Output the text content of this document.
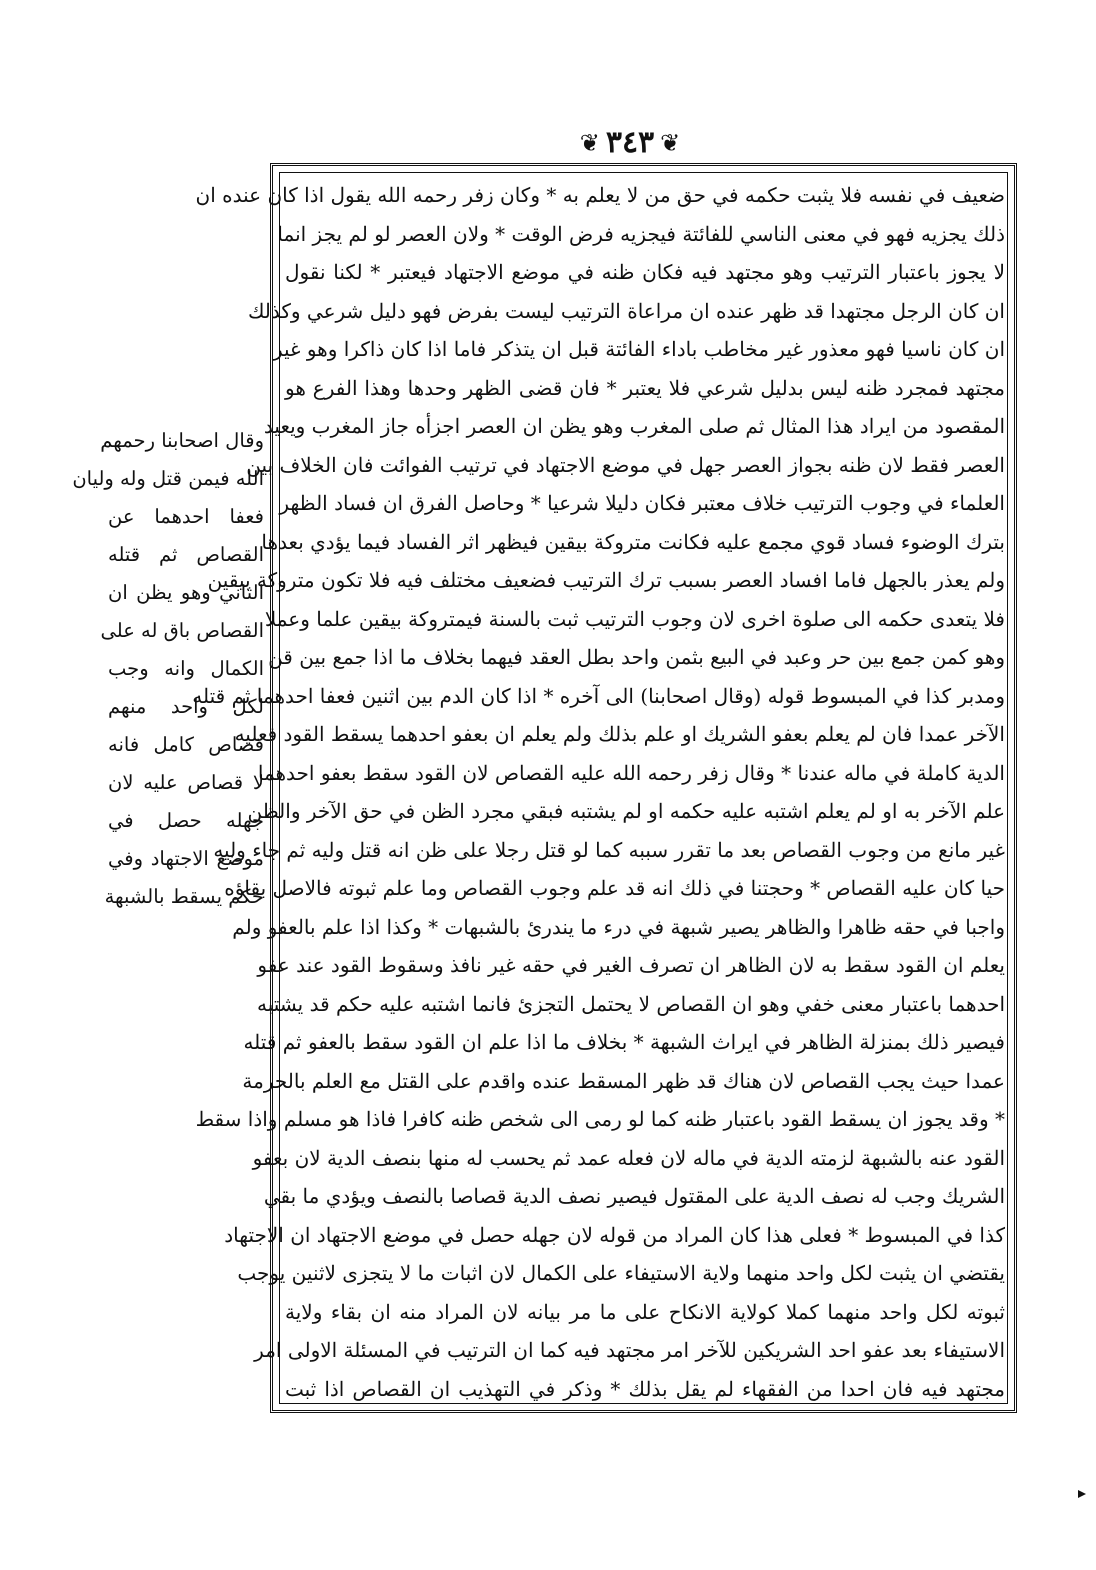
❦
٣٤٣
❦
ضعيف في نفسه فلا يثبت حكمه في حق من لا يعلم به * وكان زفر رحمه الله يقول اذا كان عنده ان
ذلك يجزيه فهو في معنى الناسي للفائتة فيجزيه فرض الوقت * ولان العصر لو لم يجز انما
لا يجوز باعتبار الترتيب وهو مجتهد فيه فكان ظنه في موضع الاجتهاد فيعتبر * لكنا نقول
ان كان الرجل مجتهدا قد ظهر عنده ان مراعاة الترتيب ليست بفرض فهو دليل شرعي وكذلك
ان كان ناسيا فهو معذور غير مخاطب باداء الفائتة قبل ان يتذكر فاما اذا كان ذاكرا وهو غير
مجتهد فمجرد ظنه ليس بدليل شرعي فلا يعتبر * فان قضى الظهر وحدها وهذا الفرع هو
المقصود من ايراد هذا المثال ثم صلى المغرب وهو يظن ان العصر اجزأه جاز المغرب ويعيد
العصر فقط لان ظنه بجواز العصر جهل في موضع الاجتهاد في ترتيب الفوائت فان الخلاف بين
العلماء في وجوب الترتيب خلاف معتبر فكان دليلا شرعيا * وحاصل الفرق ان فساد الظهر
بترك الوضوء فساد قوي مجمع عليه فكانت متروكة بيقين فيظهر اثر الفساد فيما يؤدي بعدها
ولم يعذر بالجهل فاما افساد العصر بسبب ترك الترتيب فضعيف مختلف فيه فلا تكون متروكة بيقين
فلا يتعدى حكمه الى صلوة اخرى لان وجوب الترتيب ثبت بالسنة فيمتروكة بيقين علما وعملا
وهو كمن جمع بين حر وعبد في البيع بثمن واحد بطل العقد فيهما بخلاف ما اذا جمع بين قن
ومدبر كذا في المبسوط قوله (وقال اصحابنا) الى آخره * اذا كان الدم بين اثنين فعفا احدهما ثم قتله
الآخر عمدا فان لم يعلم بعفو الشريك او علم بذلك ولم يعلم ان بعفو احدهما يسقط القود فعليه
الدية كاملة في ماله عندنا * وقال زفر رحمه الله عليه القصاص لان القود سقط بعفو احدهما
علم الآخر به او لم يعلم اشتبه عليه حكمه او لم يشتبه فبقي مجرد الظن في حق الآخر والظن
غير مانع من وجوب القصاص بعد ما تقرر سببه كما لو قتل رجلا على ظن انه قتل وليه ثم جاء وليه
حيا كان عليه القصاص * وحجتنا في ذلك انه قد علم وجوب القصاص وما علم ثبوته فالاصل بقاؤه
واجبا في حقه ظاهرا والظاهر يصير شبهة في درء ما يندرئ بالشبهات * وكذا اذا علم بالعفو ولم
يعلم ان القود سقط به لان الظاهر ان تصرف الغير في حقه غير نافذ وسقوط القود عند عفو
احدهما باعتبار معنى خفي وهو ان القصاص لا يحتمل التجزئ فانما اشتبه عليه حكم قد يشتبه
فيصير ذلك بمنزلة الظاهر في ايراث الشبهة * بخلاف ما اذا علم ان القود سقط بالعفو ثم قتله
عمدا حيث يجب القصاص لان هناك قد ظهر المسقط عنده واقدم على القتل مع العلم بالحرمة
* وقد يجوز ان يسقط القود باعتبار ظنه كما لو رمى الى شخص ظنه كافرا فاذا هو مسلم واذا سقط
القود عنه بالشبهة لزمته الدية في ماله لان فعله عمد ثم يحسب له منها بنصف الدية لان بعفو
الشريك وجب له نصف الدية على المقتول فيصير نصف الدية قصاصا بالنصف ويؤدي ما بقي
كذا في المبسوط * فعلى هذا كان المراد من قوله لان جهله حصل في موضع الاجتهاد ان الاجتهاد
يقتضي ان يثبت لكل واحد منهما ولاية الاستيفاء على الكمال لان اثبات ما لا يتجزى لاثنين يوجب
ثبوته لكل واحد منهما كملا كولاية الانكاح على ما مر بيانه لان المراد منه ان بقاء ولاية
الاستيفاء بعد عفو احد الشريكين للآخر امر مجتهد فيه كما ان الترتيب في المسئلة الاولى امر
مجتهد فيه فان احدا من الفقهاء لم يقل بذلك * وذكر في التهذيب ان القصاص اذا ثبت
وقال اصحابنا رحمهم
الله فيمن قتل وله وليان
فعفا احدهما عن
القصاص ثم قتله
الثاني وهو يظن ان
القصاص باق له على
الكمال وانه وجب
لكل واحد منهم
قصاص كامل فانه
لا قصاص عليه لان
جهله حصل في
موضع الاجتهاد وفي
حكم يسقط بالشبهة
